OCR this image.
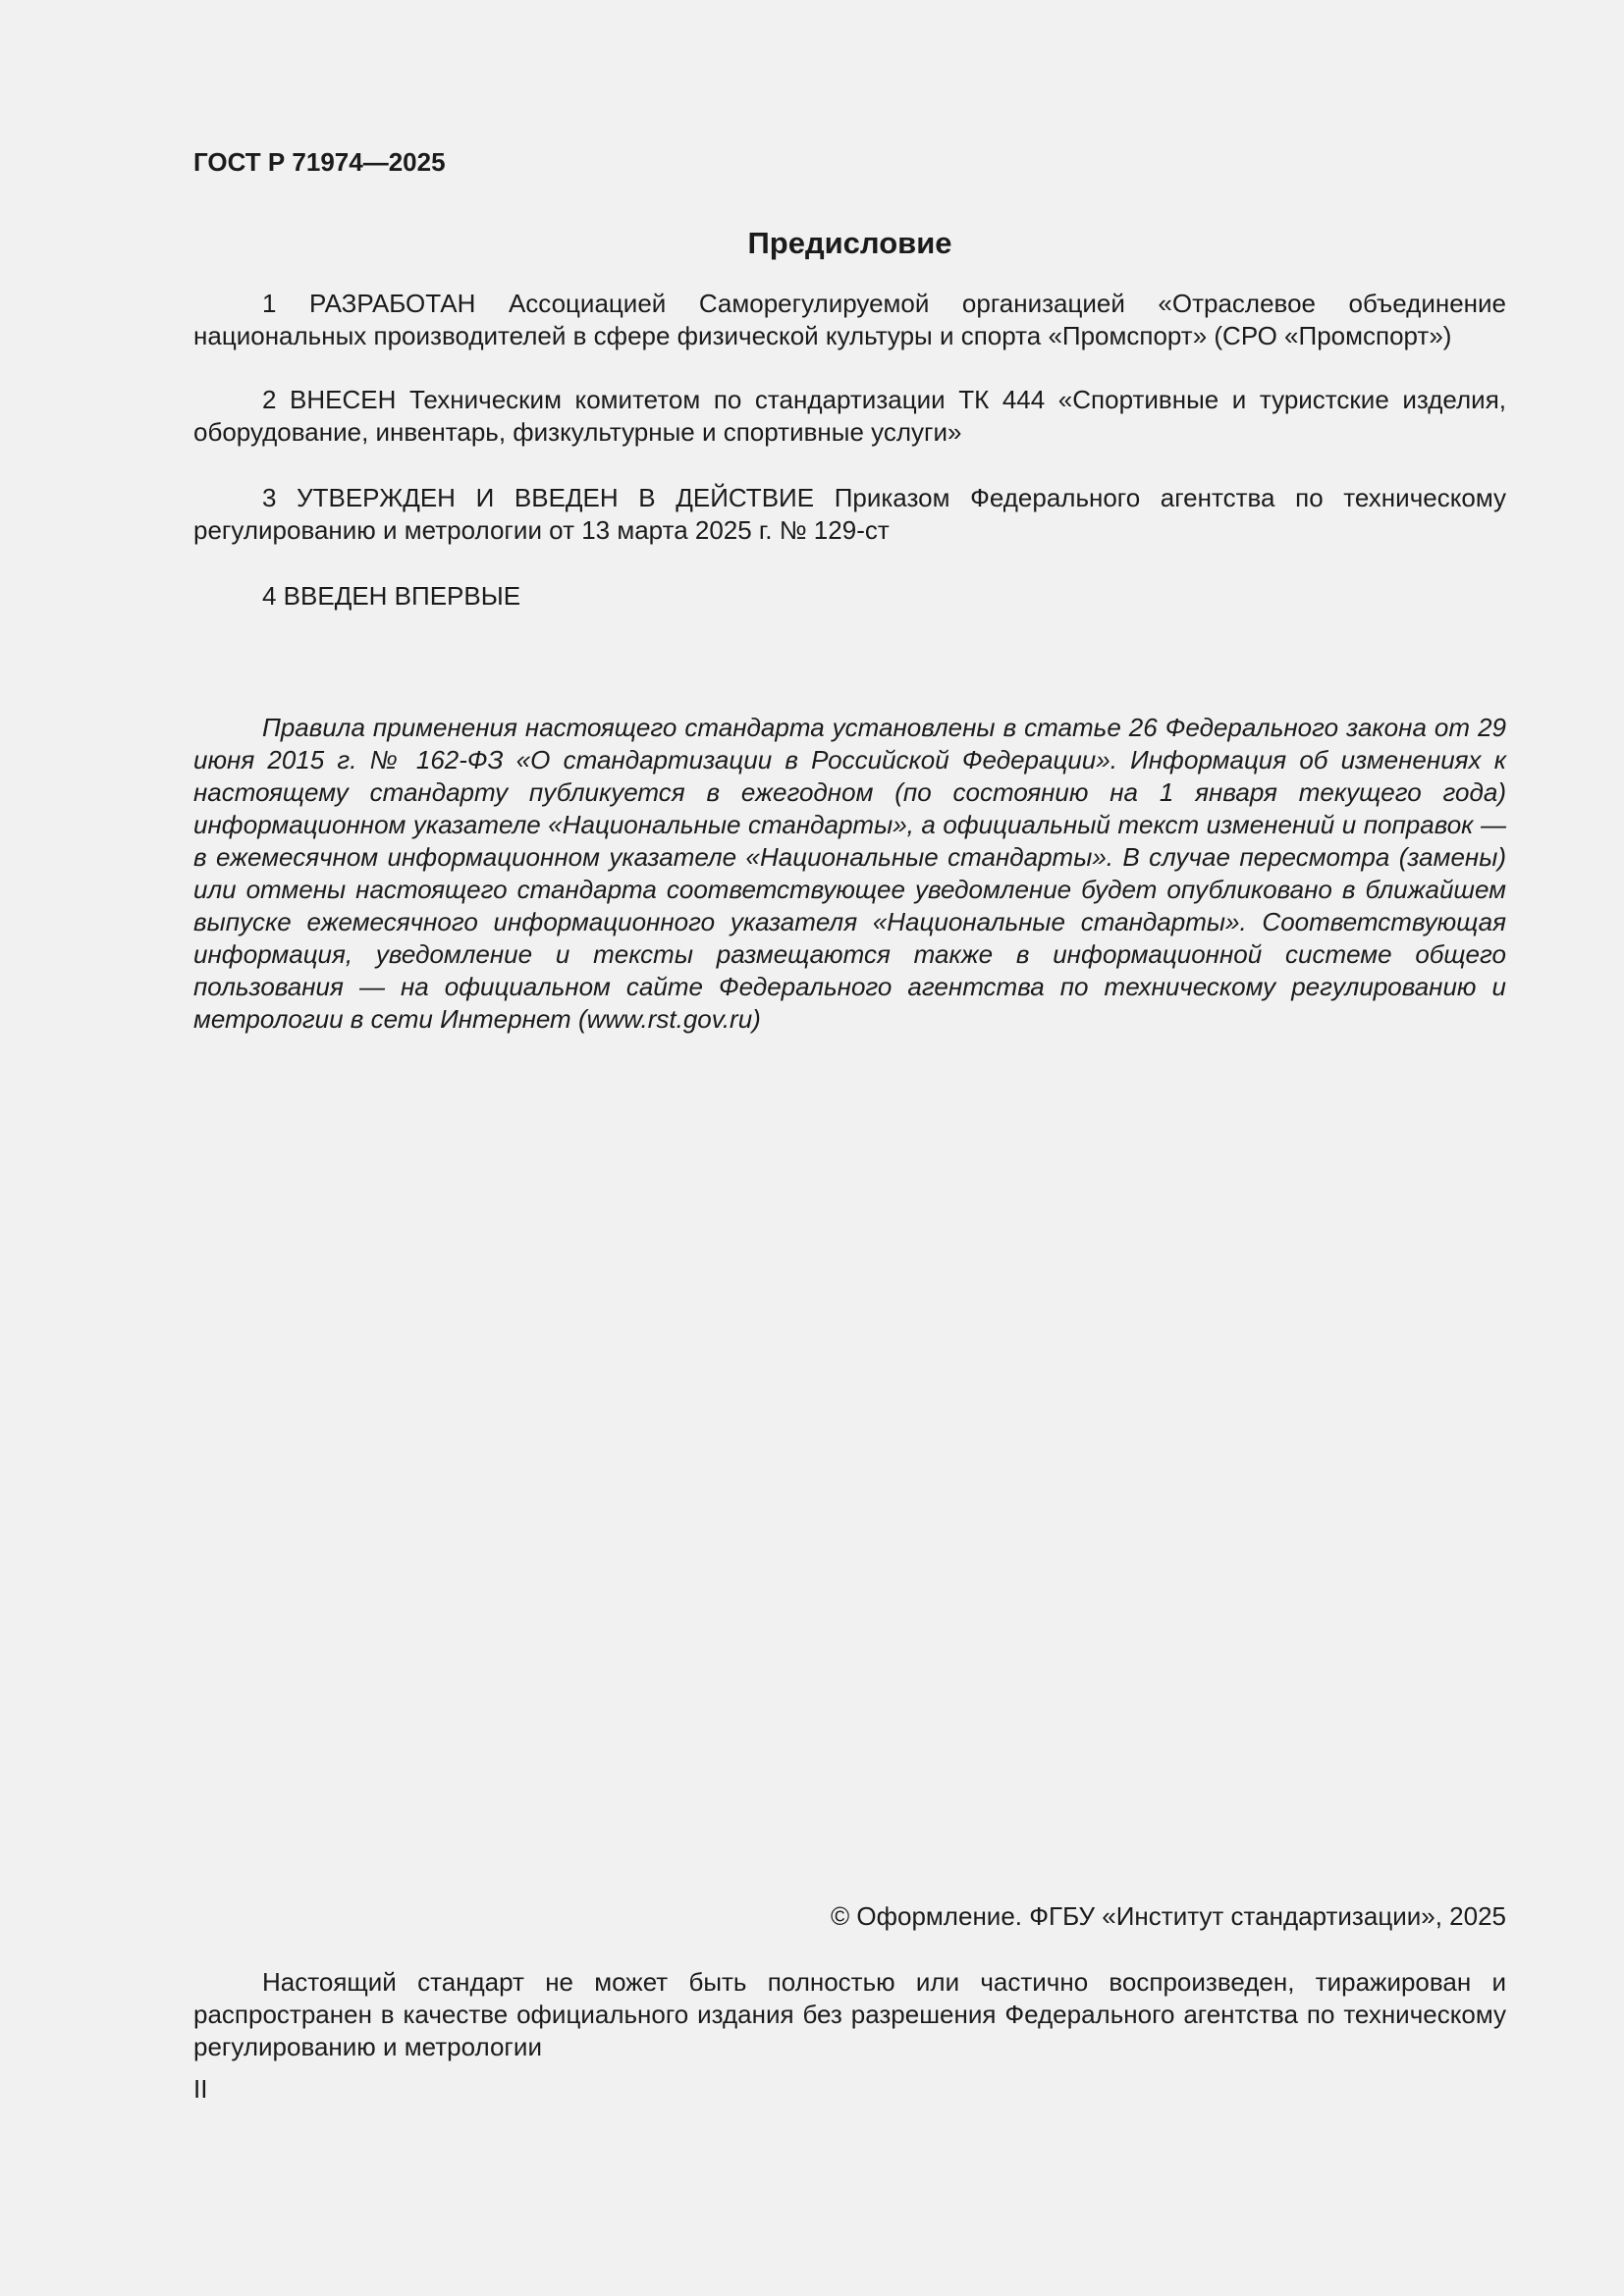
ГОСТ Р 71974—2025
Предисловие

1 РАЗРАБОТАН Ассоциацией Саморегулируемой организацией «Отраслевое объединение национальных производителей в сфере физической культуры и спорта «Промспорт» (СРО «Промспорт»)

2 ВНЕСЕН Техническим комитетом по стандартизации ТК 444 «Спортивные и туристские изделия, оборудование, инвентарь, физкультурные и спортивные услуги»

3 УТВЕРЖДЕН И ВВЕДЕН В ДЕЙСТВИЕ Приказом Федерального агентства по техническому регулированию и метрологии от 13 марта 2025 г. № 129-ст

4 ВВЕДЕН ВПЕРВЫЕ

Правила применения настоящего стандарта установлены в статье 26 Федерального закона от 29 июня 2015 г. № 162-ФЗ «О стандартизации в Российской Федерации». Информация об изменениях к настоящему стандарту публикуется в ежегодном (по состоянию на 1 января текущего года) информационном указателе «Национальные стандарты», а официальный текст изменений и поправок — в ежемесячном информационном указателе «Национальные стандарты». В случае пересмотра (замены) или отмены настоящего стандарта соответствующее уведомление будет опубликовано в ближайшем выпуске ежемесячного информационного указателя «Национальные стандарты». Соответствующая информация, уведомление и тексты размещаются также в информационной системе общего пользования — на официальном сайте Федерального агентства по техническому регулированию и метрологии в сети Интернет (www.rst.gov.ru)

© Оформление. ФГБУ «Институт стандартизации», 2025

Настоящий стандарт не может быть полностью или частично воспроизведен, тиражирован и распространен в качестве официального издания без разрешения Федерального агентства по техническому регулированию и метрологии

II
